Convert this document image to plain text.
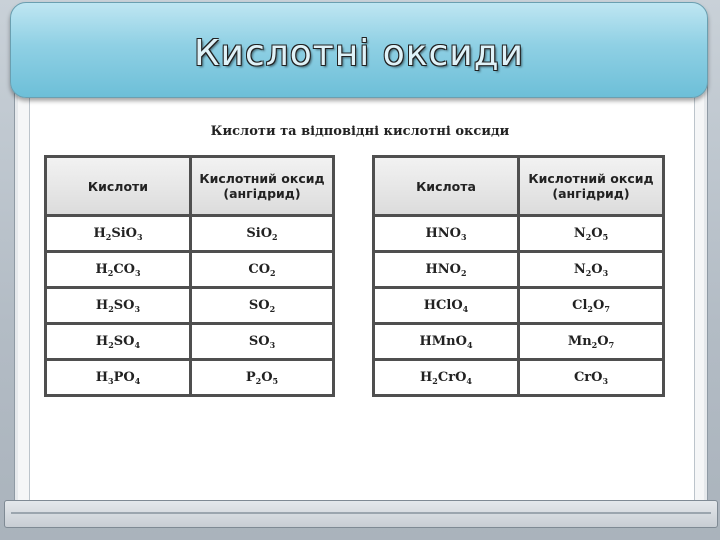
Кислотні оксиди
Кислоти та відповідні кислотні оксиди
Кислоти	Кислотний оксид (ангідрид)
$H_2SiO_3$	SiO$_2$
$H_2CO_3$	$CO_2$
$H_2SO_3$	$SO_2$
$H_2SO_4$	$SO_3$
$H_3PO_4$	$P_2O_5$
Кислота	Кислотний оксид (ангідрид)
$HNO_3$	$N_2O_5$
$HNO_2$	$N_2O_3$
HClO$_4$	$Cl_2O_7$
HMnO$_4$	$Mn_2O_7$
$H_2CrO_4$	CrO$_3$
